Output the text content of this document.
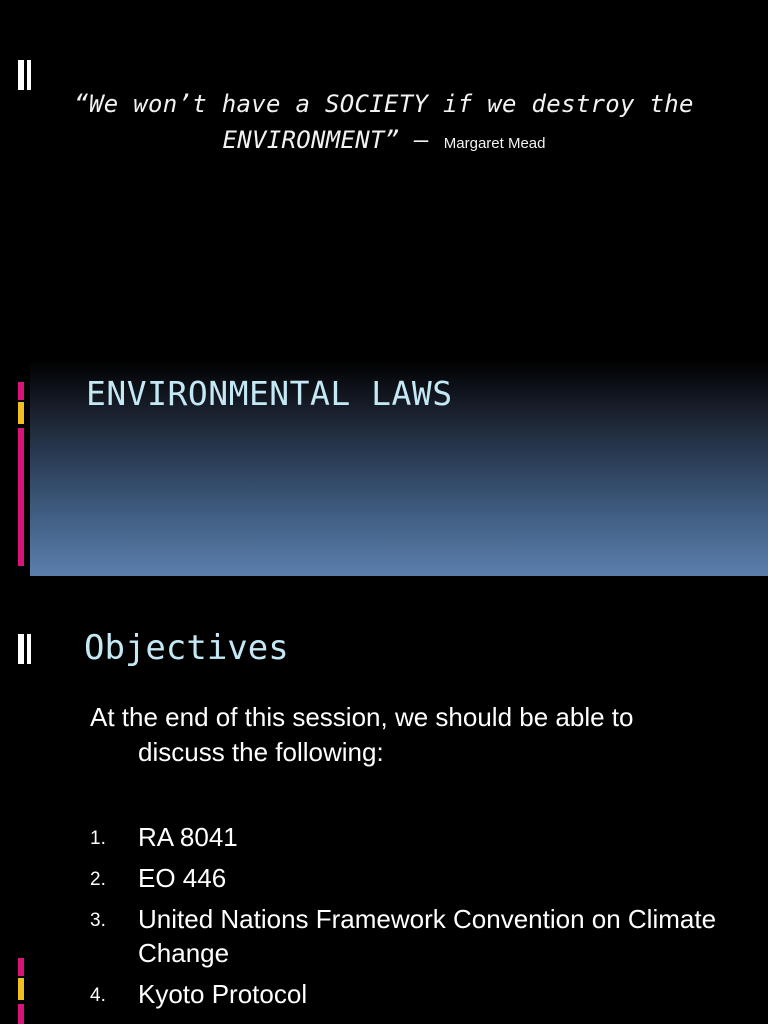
“We won’t have a SOCIETY if we destroy the ENVIRONMENT” – Margaret Mead
ENVIRONMENTAL LAWS
Objectives
At the end of this session, we should be able to
discuss the following:
1. RA 8041
2. EO 446
3. United Nations Framework Convention on Climate Change
4. Kyoto Protocol
